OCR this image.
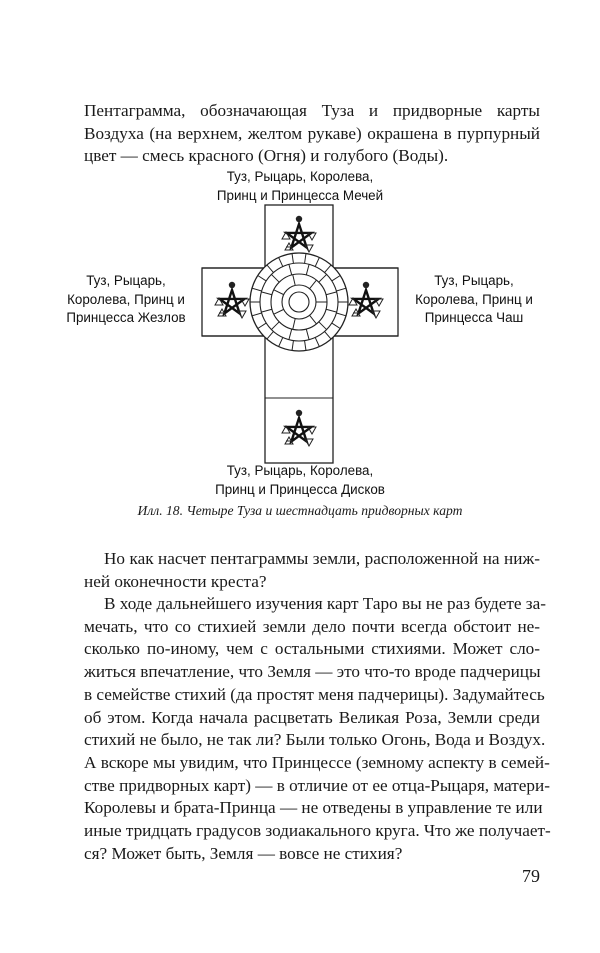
Пентаграмма, обозначающая Туза и придворные карты
Воздуха (на верхнем, желтом рукаве) окрашена в пурпурный
цвет — смесь красного (Огня) и голубого (Воды).
Туз, Рыцарь, Королева,
Принц и Принцесса Мечей
Туз, Рыцарь,
Королева, Принц и
Принцесса Жезлов
Туз, Рыцарь,
Королева, Принц и
Принцесса Чаш
Туз, Рыцарь, Королева,
Принц и Принцесса Дисков
Илл. 18. Четыре Туза и шестнадцать придворных карт
Но как насчет пентаграммы земли, расположенной на ниж-
ней оконечности креста?
В ходе дальнейшего изучения карт Таро вы не раз будете за-
мечать, что со стихией земли дело почти всегда обстоит не-
сколько по-иному, чем с остальными стихиями. Может сло-
житься впечатление, что Земля — это что-то вроде падчерицы
в семействе стихий (да простят меня падчерицы). Задумайтесь
об этом. Когда начала расцветать Великая Роза, Земли среди
стихий не было, не так ли? Были только Огонь, Вода и Воздух.
А вскоре мы увидим, что Принцессе (земному аспекту в семей-
стве придворных карт) — в отличие от ее отца-Рыцаря, матери-
Королевы и брата-Принца — не отведены в управление те или
иные тридцать градусов зодиакального круга. Что же получает-
ся? Может быть, Земля — вовсе не стихия?
79
